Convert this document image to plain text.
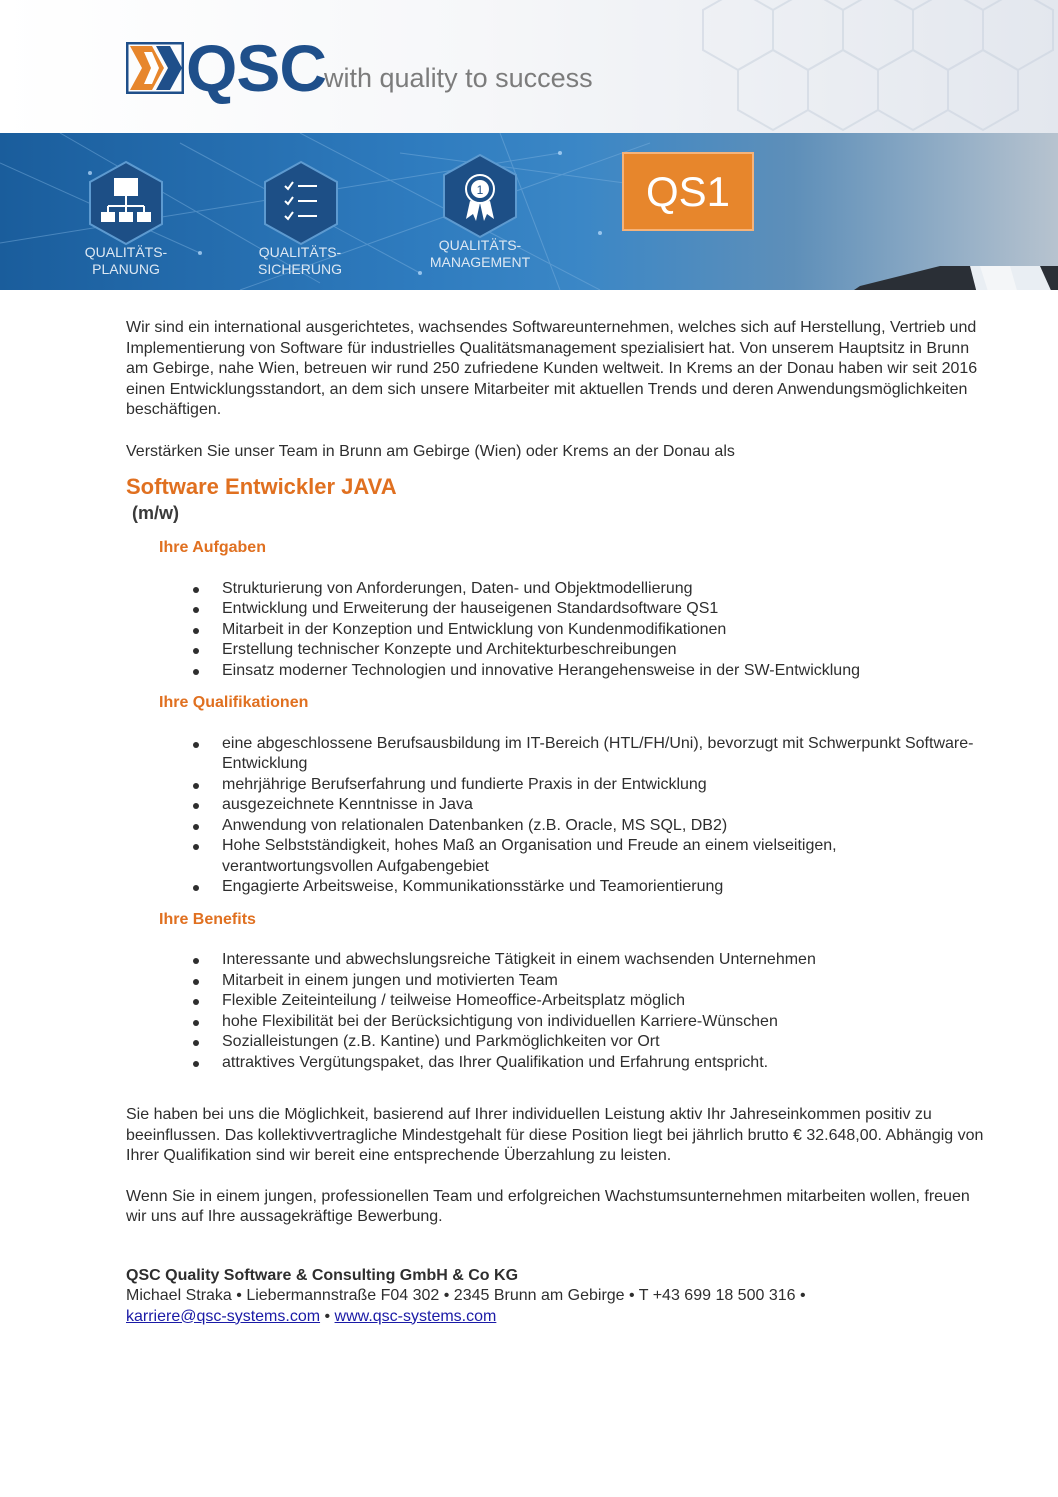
QSC
with quality to success
QUALITÄTS-
PLANUNG
QUALITÄTS-
SICHERUNG
1
QUALITÄTS-
MANAGEMENT
QS1

Wir sind ein international ausgerichtetes, wachsendes Softwareunternehmen, welches sich auf Herstellung, Vertrieb und Implementierung von Software für industrielles Qualitätsmanagement spezialisiert hat. Von unserem Hauptsitz in Brunn am Gebirge, nahe Wien, betreuen wir rund 250 zufriedene Kunden weltweit. In Krems an der Donau haben wir seit 2016 einen Entwicklungsstandort, an dem sich unsere Mitarbeiter mit aktuellen Trends und deren Anwendungsmöglichkeiten beschäftigen.

Verstärken Sie unser Team in Brunn am Gebirge (Wien) oder Krems an der Donau als

Software Entwickler JAVA

(m/w)

Ihre Aufgaben

Strukturierung von Anforderungen, Daten- und Objektmodellierung
Entwicklung und Erweiterung der hauseigenen Standardsoftware QS1
Mitarbeit in der Konzeption und Entwicklung von Kundenmodifikationen
Erstellung technischer Konzepte und Architekturbeschreibungen
Einsatz moderner Technologien und innovative Herangehensweise in der SW-Entwicklung

Ihre Qualifikationen

eine abgeschlossene Berufsausbildung im IT-Bereich (HTL/FH/Uni), bevorzugt mit Schwerpunkt Software-Entwicklung
mehrjährige Berufserfahrung und fundierte Praxis in der Entwicklung
ausgezeichnete Kenntnisse in Java
Anwendung von relationalen Datenbanken (z.B. Oracle, MS SQL, DB2)
Hohe Selbstständigkeit, hohes Maß an Organisation und Freude an einem vielseitigen, verantwortungsvollen Aufgabengebiet
Engagierte Arbeitsweise, Kommunikationsstärke und Teamorientierung

Ihre Benefits

Interessante und abwechslungsreiche Tätigkeit in einem wachsenden Unternehmen
Mitarbeit in einem jungen und motivierten Team
Flexible Zeiteinteilung / teilweise Homeoffice-Arbeitsplatz möglich
hohe Flexibilität bei der Berücksichtigung von individuellen Karriere-Wünschen
Sozialleistungen (z.B. Kantine) und Parkmöglichkeiten vor Ort
attraktives Vergütungspaket, das Ihrer Qualifikation und Erfahrung entspricht.

Sie haben bei uns die Möglichkeit, basierend auf Ihrer individuellen Leistung aktiv Ihr Jahreseinkommen positiv zu beeinflussen. Das kollektivvertragliche Mindestgehalt für diese Position liegt bei jährlich brutto € 32.648,00. Abhängig von Ihrer Qualifikation sind wir bereit eine entsprechende Überzahlung zu leisten.

Wenn Sie in einem jungen, professionellen Team und erfolgreichen Wachstumsunternehmen mitarbeiten wollen, freuen wir uns auf Ihre aussagekräftige Bewerbung.

QSC Quality Software & Consulting GmbH & Co KG

Michael Straka • Liebermannstraße F04 302 • 2345 Brunn am Gebirge • T +43 699 18 500 316 •

karriere@qsc-systems.com • www.qsc-systems.com
